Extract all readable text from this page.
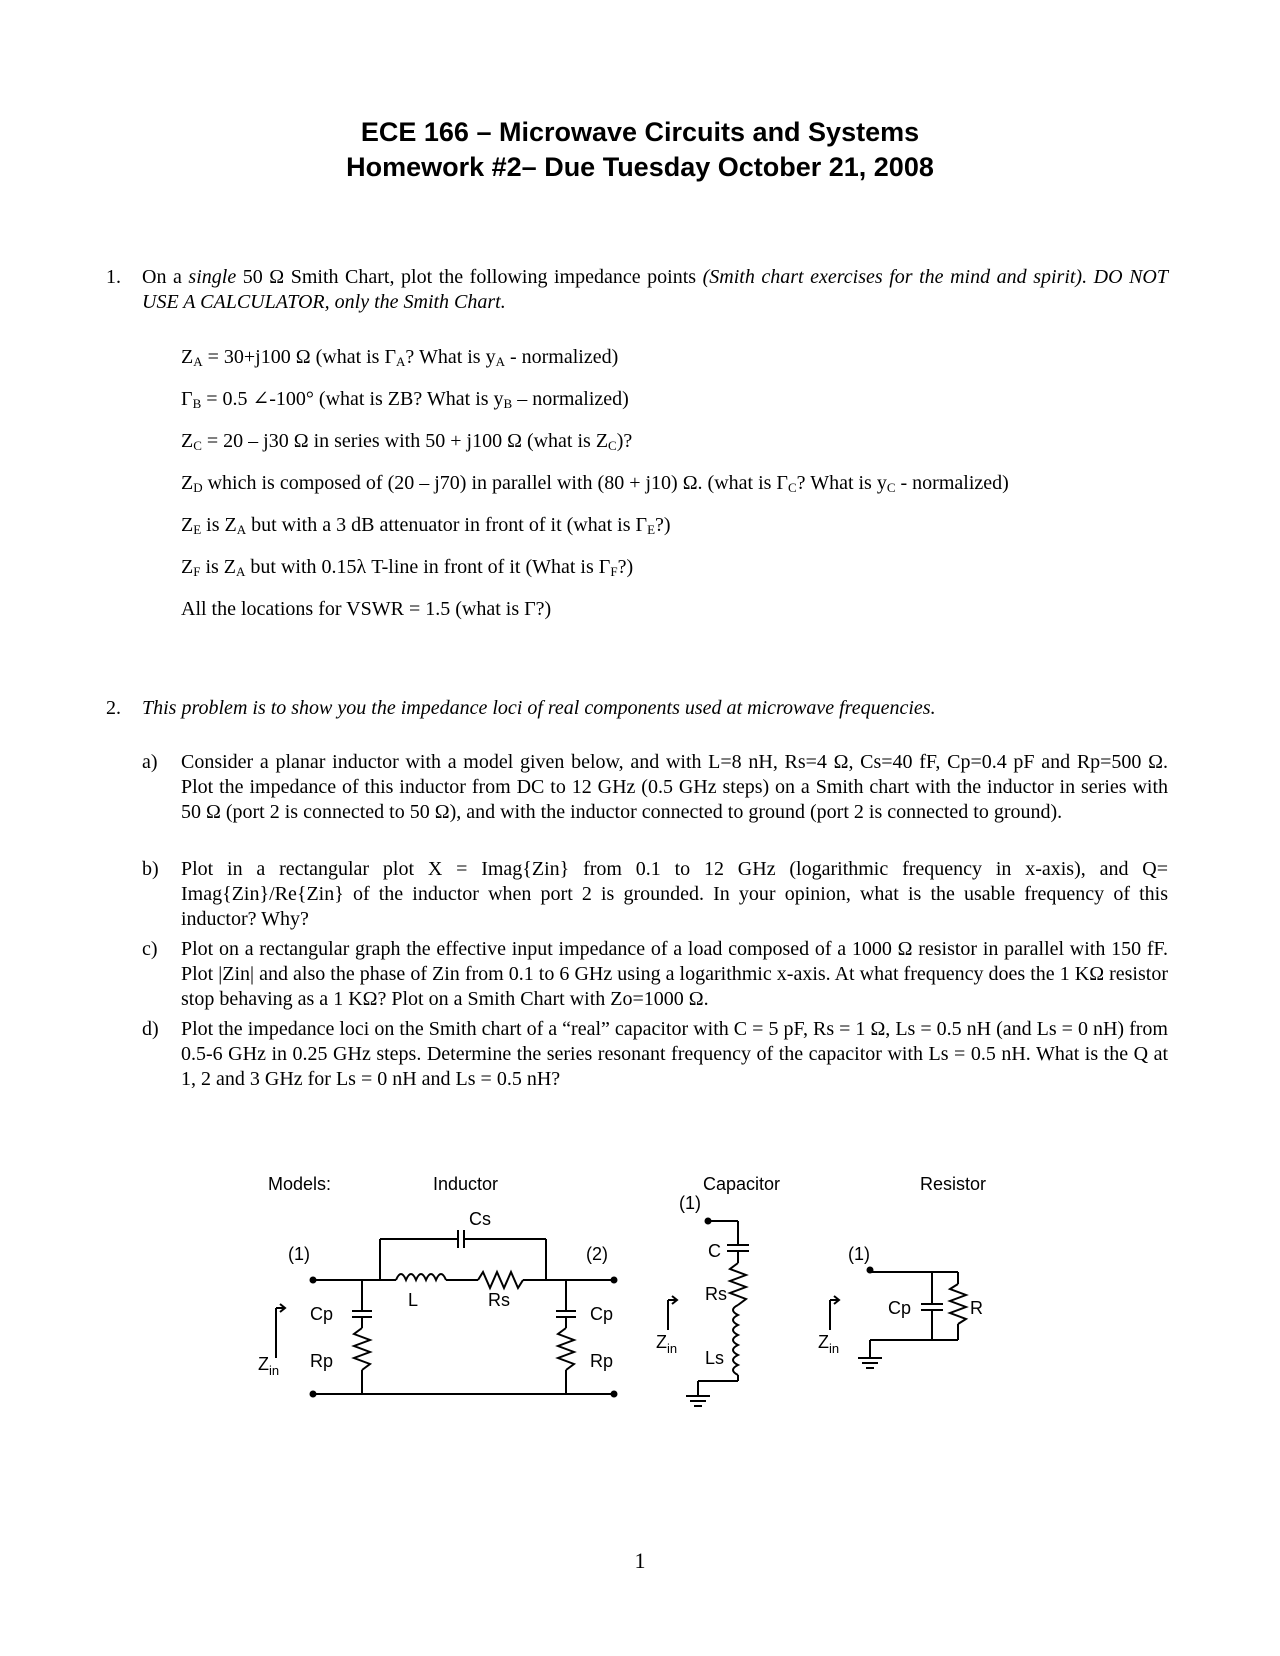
ECE 166 – Microwave Circuits and Systems
Homework #2– Due Tuesday October 21, 2008
1. On a single 50 Ω Smith Chart, plot the following impedance points (Smith chart exercises for the mind and spirit). DO NOT USE A CALCULATOR, only the Smith Chart.
$Z_A = 30+j100$ Ω (what is $\Gamma_A$? What is $y_A$ - normalized)
$\Gamma_B = 0.5$ ∠-100° (what is ZB? What is $y_B$ – normalized)
$Z_C = 20 - j30$ Ω in series with 50 + j100 Ω (what is $Z_C$)?
$Z_D$ which is composed of (20 – j70) in parallel with (80 + j10) Ω. (what is $\Gamma_C$? What is $y_C$ - normalized)
$Z_E$ is $Z_A$ but with a 3 dB attenuator in front of it (what is $\Gamma_E$?)
$Z_F$ is $Z_A$ but with 0.15λ T-line in front of it (What is $\Gamma_F$?)
All the locations for VSWR = 1.5 (what is Γ?)
2. This problem is to show you the impedance loci of real components used at microwave frequencies.
a) Consider a planar inductor with a model given below, and with L=8 nH, Rs=4 Ω, Cs=40 fF, Cp=0.4 pF and Rp=500 Ω. Plot the impedance of this inductor from DC to 12 GHz (0.5 GHz steps) on a Smith chart with the inductor in series with 50 Ω (port 2 is connected to 50 Ω), and with the inductor connected to ground (port 2 is connected to ground).
b) Plot in a rectangular plot X = Imag{Zin} from 0.1 to 12 GHz (logarithmic frequency in x-axis), and Q= Imag{Zin}/Re{Zin} of the inductor when port 2 is grounded. In your opinion, what is the usable frequency of this inductor? Why?
c) Plot on a rectangular graph the effective input impedance of a load composed of a 1000 Ω resistor in parallel with 150 fF. Plot |Zin| and also the phase of Zin from 0.1 to 6 GHz using a logarithmic x-axis. At what frequency does the 1 KΩ resistor stop behaving as a 1 KΩ? Plot on a Smith Chart with Zo=1000 Ω.
d) Plot the impedance loci on the Smith chart of a “real” capacitor with C = 5 pF, Rs = 1 Ω, Ls = 0.5 nH (and Ls = 0 nH) from 0.5-6 GHz in 0.25 GHz steps. Determine the series resonant frequency of the capacitor with Ls = 0.5 nH. What is the Q at 1, 2 and 3 GHz for Ls = 0 nH and Ls = 0.5 nH?
Models:	Inductor	Capacitor	Resistor
Cs
(1)	(2)
L	Rs
Cp	Cp
Rp	Rp
$Z_{in}$
(1)
C
Rs
Ls
$Z_{in}$
(1)
Cp	R
$Z_{in}$
1
